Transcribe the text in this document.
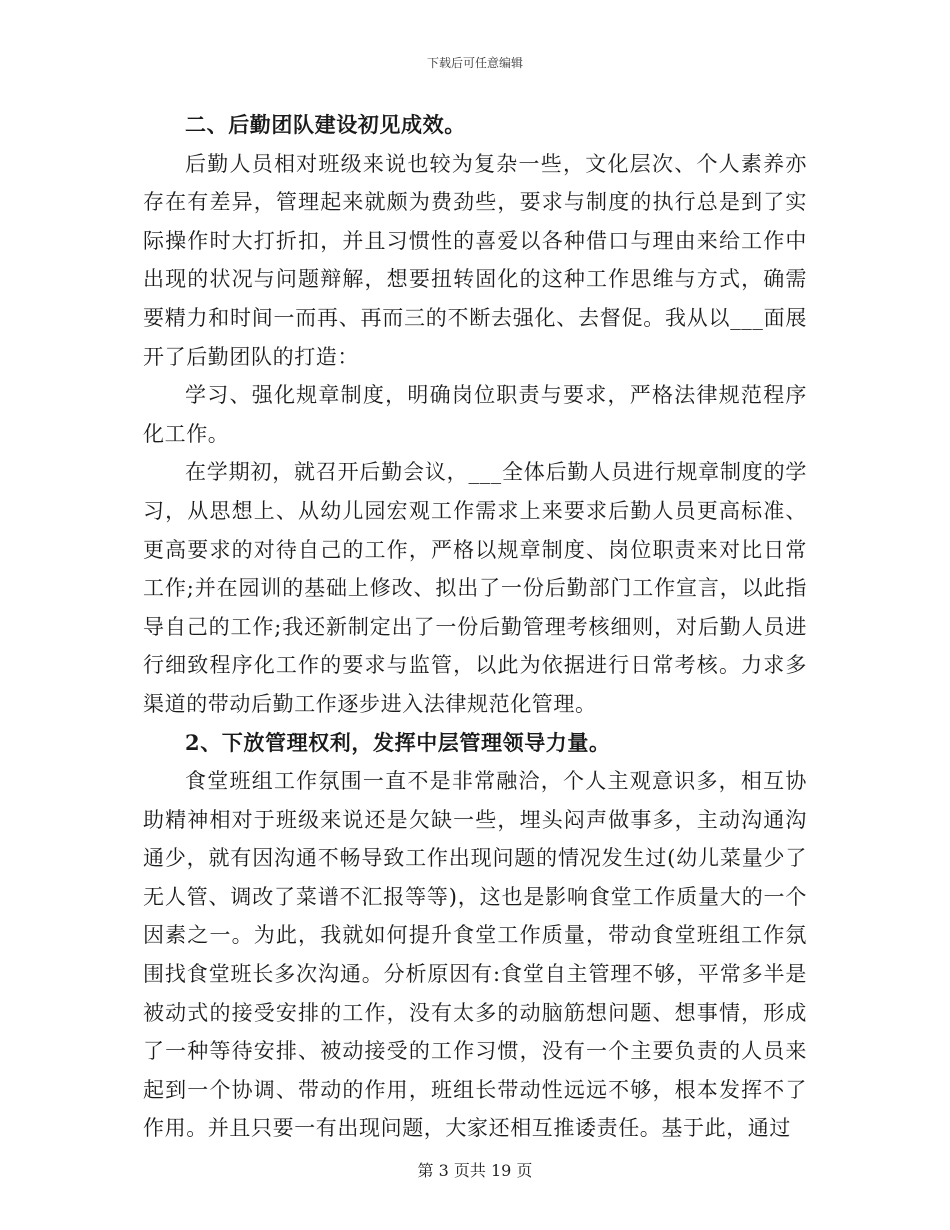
下载后可任意编辑

二、后勤团队建设初见成效。

后勤人员相对班级来说也较为复杂一些，文化层次、个人素养亦存在有差异，管理起来就颇为费劲些，要求与制度的执行总是到了实际操作时大打折扣，并且习惯性的喜爱以各种借口与理由来给工作中出现的状况与问题辩解，想要扭转固化的这种工作思维与方式，确需要精力和时间一而再、再而三的不断去强化、去督促。我从以___面展开了后勤团队的打造：

学习、强化规章制度，明确岗位职责与要求，严格法律规范程序化工作。

在学期初，就召开后勤会议，___全体后勤人员进行规章制度的学习，从思想上、从幼儿园宏观工作需求上来要求后勤人员更高标准、更高要求的对待自己的工作，严格以规章制度、岗位职责来对比日常工作;并在园训的基础上修改、拟出了一份后勤部门工作宣言，以此指导自己的工作;我还新制定出了一份后勤管理考核细则，对后勤人员进行细致程序化工作的要求与监管，以此为依据进行日常考核。力求多渠道的带动后勤工作逐步进入法律规范化管理。

2、下放管理权利，发挥中层管理领导力量。

食堂班组工作氛围一直不是非常融洽，个人主观意识多，相互协助精神相对于班级来说还是欠缺一些，埋头闷声做事多，主动沟通沟通少，就有因沟通不畅导致工作出现问题的情况发生过(幼儿菜量少了无人管、调改了菜谱不汇报等等)，这也是影响食堂工作质量大的一个因素之一。为此，我就如何提升食堂工作质量，带动食堂班组工作氛围找食堂班长多次沟通。分析原因有:食堂自主管理不够，平常多半是被动式的接受安排的工作，没有太多的动脑筋想问题、想事情，形成了一种等待安排、被动接受的工作习惯，没有一个主要负责的人员来起到一个协调、带动的作用，班组长带动性远远不够，根本发挥不了作用。并且只要一有出现问题，大家还相互推诿责任。基于此，通过

第 3 页共 19 页
